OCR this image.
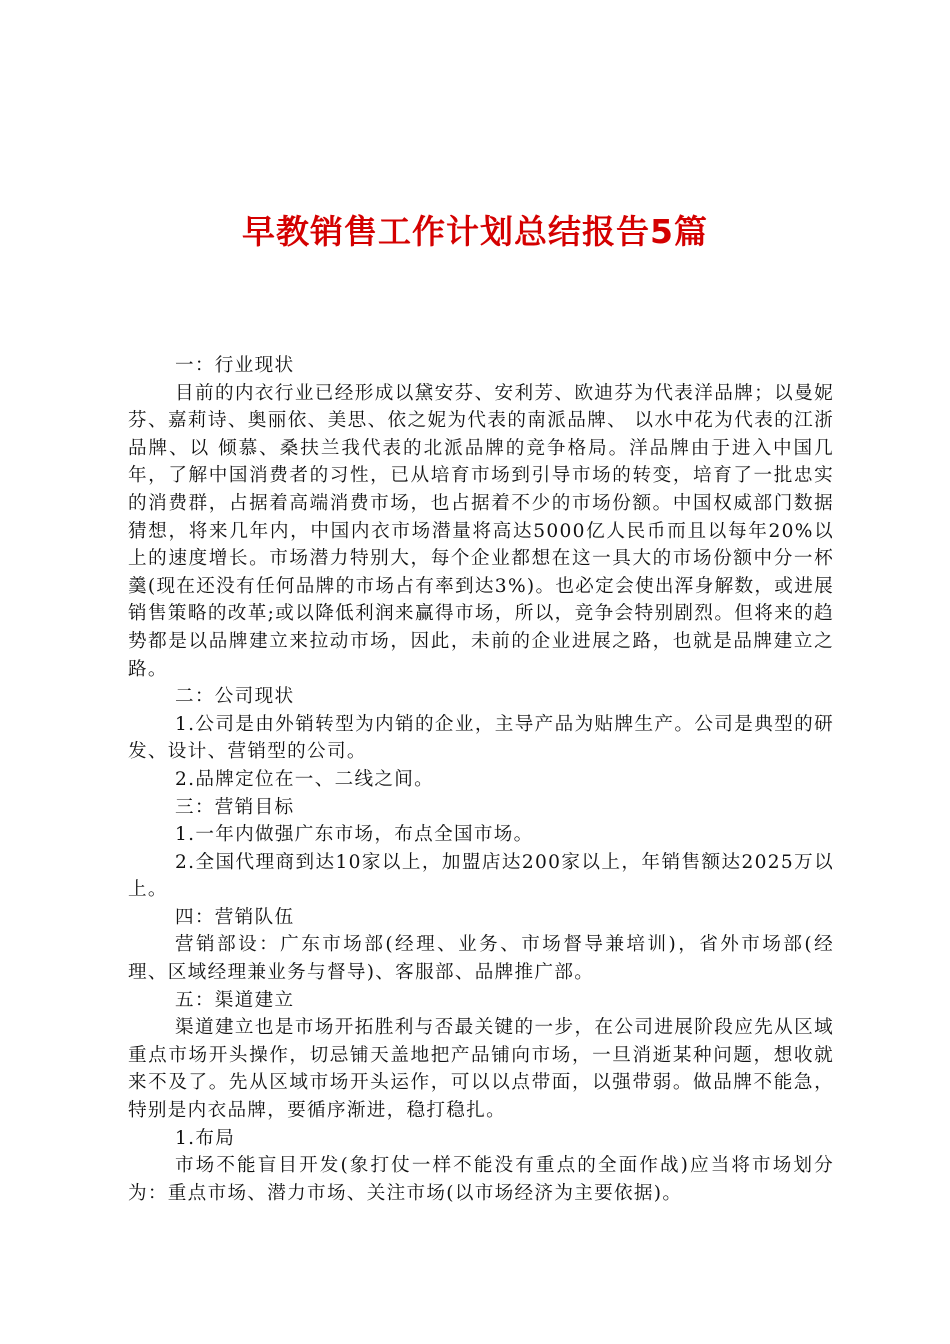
早教销售工作计划总结报告5篇

一：行业现状

目前的内衣行业已经形成以黛安芬、安利芳、欧迪芬为代表洋品牌；以曼妮芬、嘉莉诗、奥丽依、美思、依之妮为代表的南派品牌、 以水中花为代表的江浙品牌、以 倾慕、桑扶兰我代表的北派品牌的竞争格局。洋品牌由于进入中国几年，了解中国消费者的习性，已从培育市场到引导市场的转变，培育了一批忠实的消费群，占据着高端消费市场，也占据着不少的市场份额。中国权威部门数据猜想，将来几年内，中国内衣市场潜量将高达5000亿人民币而且以每年20%以上的速度增长。市场潜力特别大，每个企业都想在这一具大的市场份额中分一杯羹(现在还没有任何品牌的市场占有率到达3%)。也必定会使出浑身解数，或进展销售策略的改革;或以降低利润来赢得市场，所以，竞争会特别剧烈。但将来的趋势都是以品牌建立来拉动市场，因此，未前的企业进展之路，也就是品牌建立之路。

二：公司现状

1.公司是由外销转型为内销的企业，主导产品为贴牌生产。公司是典型的研发、设计、营销型的公司。

2.品牌定位在一、二线之间。

三：营销目标

1.一年内做强广东市场，布点全国市场。

2.全国代理商到达10家以上，加盟店达200家以上，年销售额达2025万以上。

四：营销队伍

营销部设：广东市场部(经理、业务、市场督导兼培训)，省外市场部(经理、区域经理兼业务与督导)、客服部、品牌推广部。

五：渠道建立

渠道建立也是市场开拓胜利与否最关键的一步，在公司进展阶段应先从区域重点市场开头操作，切忌铺天盖地把产品铺向市场，一旦消逝某种问题，想收就来不及了。先从区域市场开头运作，可以以点带面，以强带弱。做品牌不能急，特别是内衣品牌，要循序渐进，稳打稳扎。

1.布局

市场不能盲目开发(象打仗一样不能没有重点的全面作战)应当将市场划分为：重点市场、潜力市场、关注市场(以市场经济为主要依据)。
